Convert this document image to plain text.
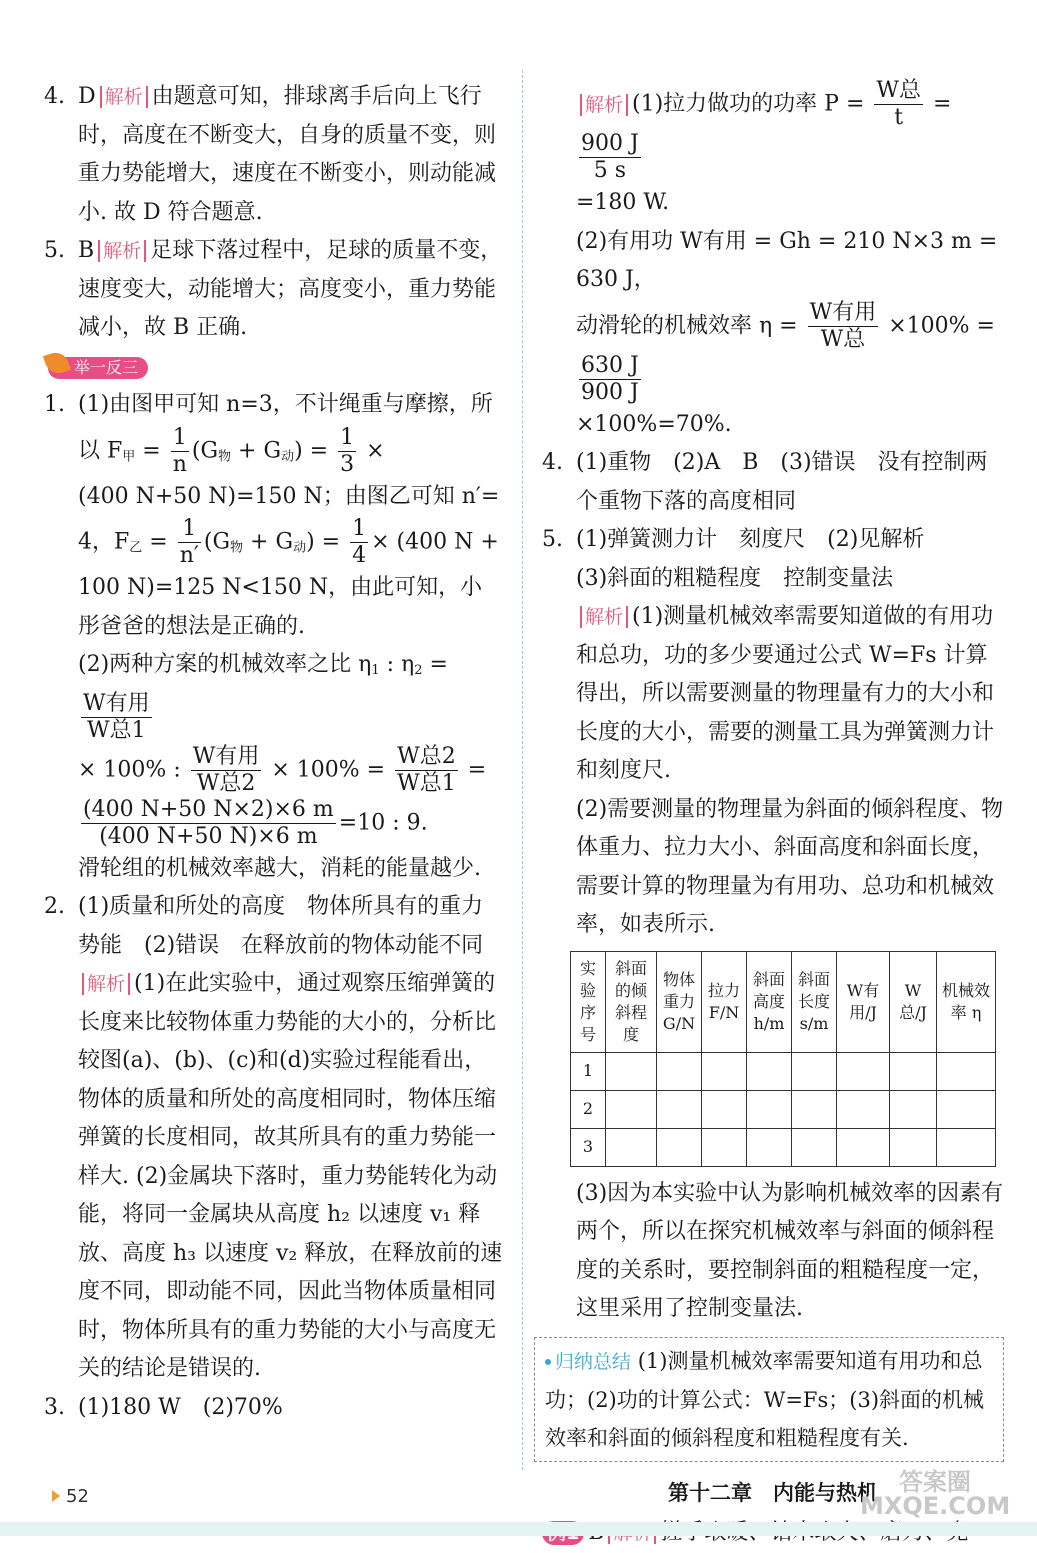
4. D 解析 由题意可知，排球离手后向上飞行时，高度在不断变大，自身的质量不变，则重力势能增大，速度在不断变小，则动能减小. 故 D 符合题意.
5. B 解析 足球下落过程中，足球的质量不变，速度变大，动能增大；高度变小，重力势能减小，故 B 正确.
举一反三
1. (1)由图甲可知 n=3，不计绳重与摩擦，所以 $F_甲 = \frac{1}{n} (G_物 + G_动) = \frac{1}{3}$ ×

(400 N+50 N)=150 N；由图乙可知 n′=

4，$F_乙 = \frac{1}{n'} (G_物 + G_动) = \frac{1}{4} \times (400$ N +

100 N)=125 N<150 N，由此可知，小彤爸爸的想法是正确的.

(2)两种方案的机械效率之比 $\eta_1$ : $\eta_2$ =
$\frac{\text{W有用}}{\text{W总1}}$

× 100% : $\frac{\text{W有用}}{\text{W总2}} \times 100\% = \frac{\text{W总2}}{\text{W总1}}$ =

$\frac{(400 N+50 N\times 2)\times 6 m}{(400 N+50 N)\times 6 m} =10$ : 9.

滑轮组的机械效率越大，消耗的能量越少.

2. (1)质量和所处的高度　物体所具有的重力势能　(2)错误　在释放前的物体动能不同

解析 (1)在此实验中，通过观察压缩弹簧的长度来比较物体重力势能的大小的，分析比较图(a)、(b)、(c)和(d)实验过程能看出，物体的质量和所处的高度相同时，物体压缩弹簧的长度相同，故其所具有的重力势能一样大. (2)金属块下落时，重力势能转化为动能，将同一金属块从高度 h₂ 以速度 v₁ 释放、高度 h₃ 以速度 v₂ 释放，在释放前的速度不同，即动能不同，因此当物体质量相同时，物体所具有的重力势能的大小与高度无关的结论是错误的.

3. (1)180 W　(2)70%

解析 (1)拉力做功的功率 $P = \frac{\text{W总}}{t}$ =
$\frac{900 J}{5 s}$

=180 W.

(2)有用功 W有用 = Gh = 210 N×3 m = 630 J，

动滑轮的机械效率 $\eta = \frac{\text{W有用}}{\text{W总}} \times 100\%$ =
$\frac{630 J}{900 J}$

×100%=70%.

4. (1)重物　(2)A　B　(3)错误　没有控制两个重物下落的高度相同
5. (1)弹簧测力计　刻度尺　(2)见解析

(3)斜面的粗糙程度　控制变量法

解析 (1)测量机械效率需要知道做的有用功和总功，功的多少要通过公式 W=Fs 计算得出，所以需要测量的物理量有力的大小和长度的大小，需要的测量工具为弹簧测力计和刻度尺.

(2)需要测量的物理量为斜面的倾斜程度、物体重力、拉力大小、斜面高度和斜面长度，需要计算的物理量为有用功、总功和机械效率，如表所示.

实验序号	斜面的倾斜程度	物体重力 G/N	拉力 F/N	斜面高度 h/m	斜面长度 s/m	W有用/J	W总/J	机械效率 η
1								
2								
3								

(3)因为本实验中认为影响机械效率的因素有两个，所以在探究机械效率与斜面的倾斜程度的关系时，要控制斜面的粗糙程度一定，这里采用了控制变量法.

归纳总结 (1)测量机械效率需要知道有用功和总功；(2)功的计算公式：W=Fs；(3)斜面的机械效率和斜面的倾斜程度和粗糙程度有关.
第十二章　内能与热机
52
答案圈 MXQE.COM
